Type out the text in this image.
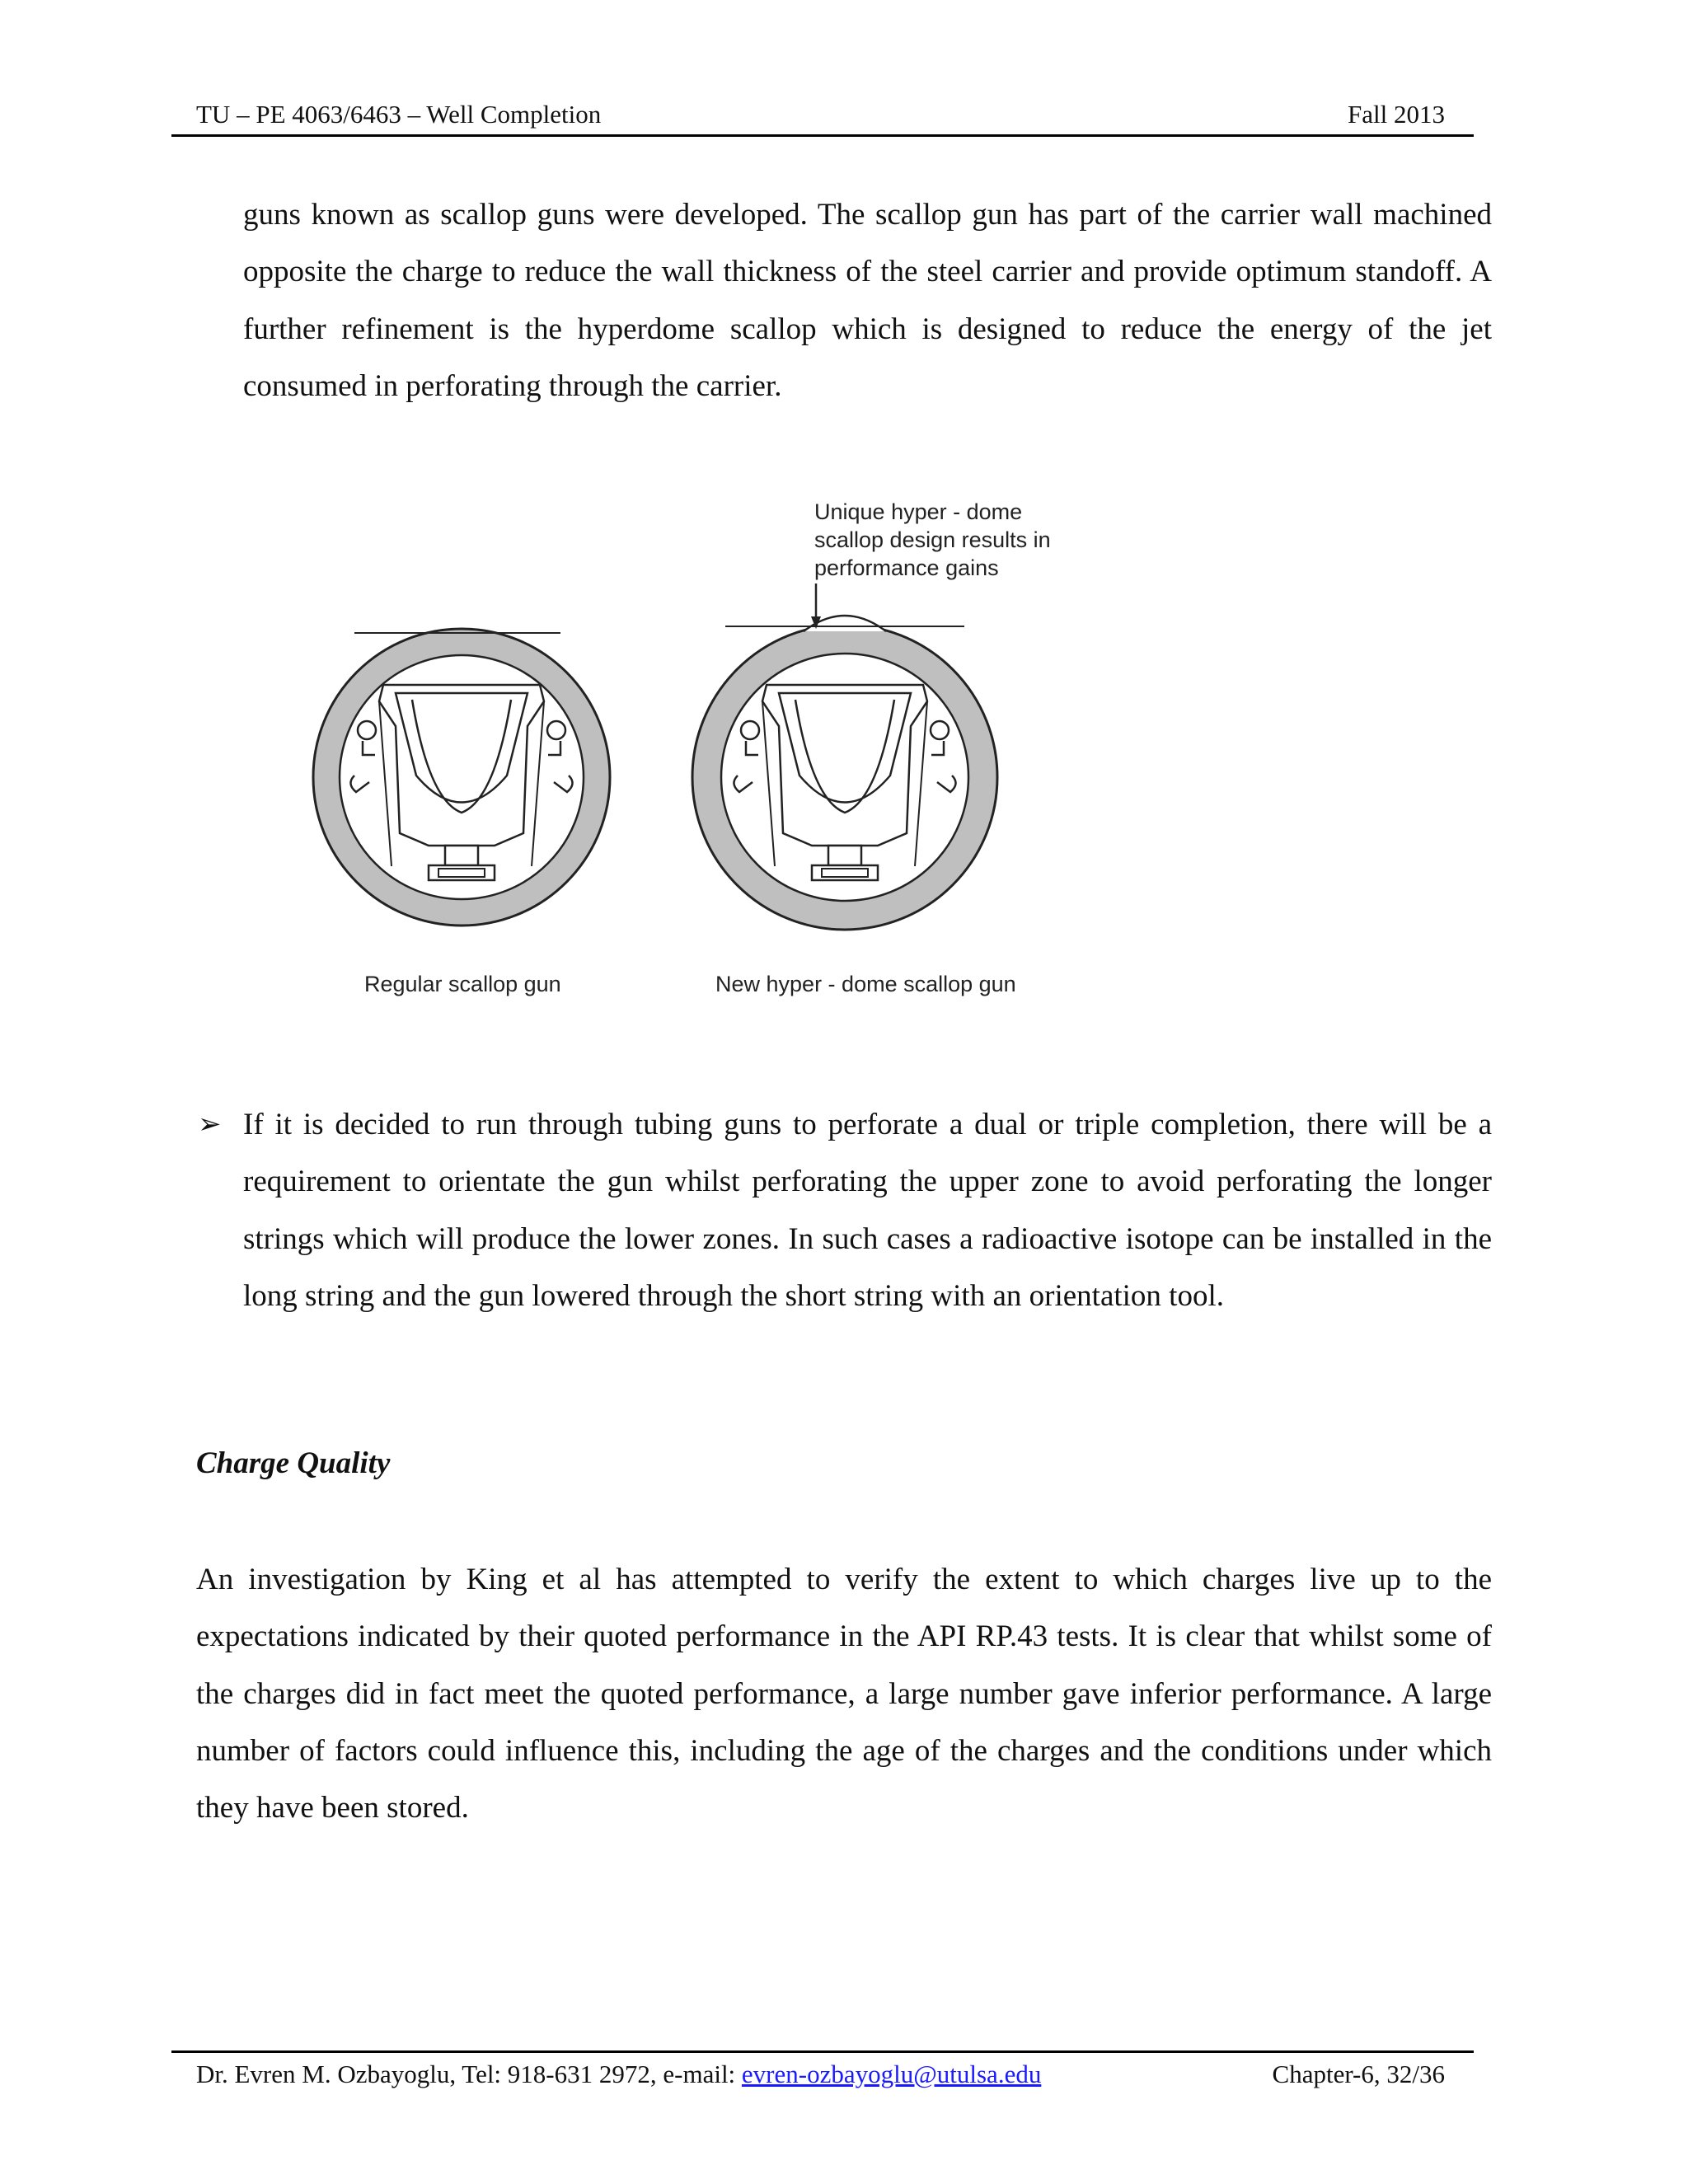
TU – PE 4063/6463 – Well Completion	Fall 2013
guns known as scallop guns were developed. The scallop gun has part of the carrier wall machined opposite the charge to reduce the wall thickness of the steel carrier and provide optimum standoff. A further refinement is the hyperdome scallop which is designed to reduce the energy of the jet consumed in perforating through the carrier.
Unique hyper - dome
scallop design results in
performance gains
Regular scallop gun	New hyper - dome scallop gun
➢ If it is decided to run through tubing guns to perforate a dual or triple completion, there will be a requirement to orientate the gun whilst perforating the upper zone to avoid perforating the longer strings which will produce the lower zones. In such cases a radioactive isotope can be installed in the long string and the gun lowered through the short string with an orientation tool.
Charge Quality
An investigation by King et al has attempted to verify the extent to which charges live up to the expectations indicated by their quoted performance in the API RP.43 tests. It is clear that whilst some of the charges did in fact meet the quoted performance, a large number gave inferior performance. A large number of factors could influence this, including the age of the charges and the conditions under which they have been stored.
Dr. Evren M. Ozbayoglu, Tel: 918-631 2972, e-mail: evren-ozbayoglu@utulsa.edu	Chapter-6, 32/36
